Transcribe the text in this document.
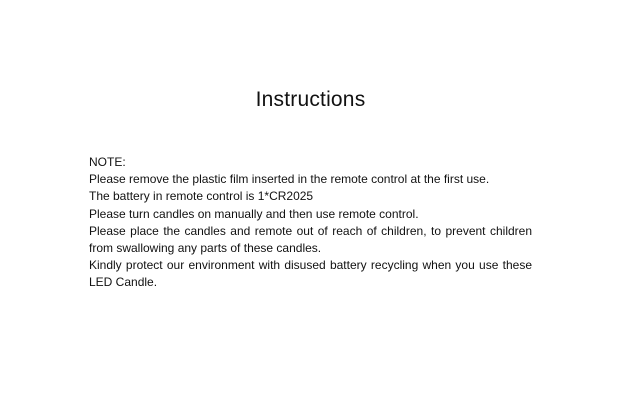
Instructions
NOTE:
Please remove the plastic film inserted in the remote control at the first use.
The battery in remote control is 1*CR2025
Please turn candles on manually and then use remote control.

Please place the candles and remote out of reach of children, to prevent children from swallowing any parts of these candles.

Kindly protect our environment with disused battery recycling when you use these LED Candle.
